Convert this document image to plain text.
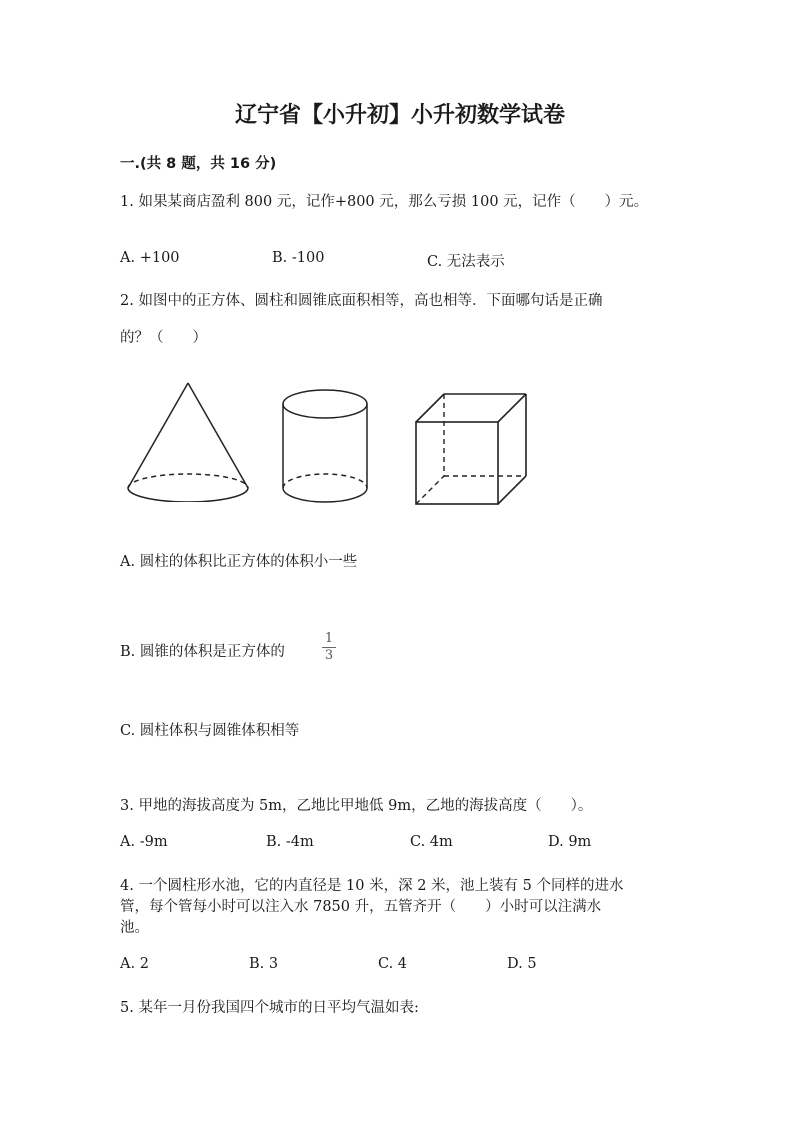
辽宁省【小升初】小升初数学试卷
一.(共 8 题，共 16 分)
1. 如果某商店盈利 800 元，记作+800 元，那么亏损 100 元，记作（　　）元。
A. +100	B. -100	C. 无法表示
2. 如图中的正方体、圆柱和圆锥底面积相等，高也相等．下面哪句话是正确
的？（　　）
A. 圆柱的体积比正方体的体积小一些
B. 圆锥的体积是正方体的
1
3
C. 圆柱体积与圆锥体积相等
3. 甲地的海拔高度为 5m，乙地比甲地低 9m，乙地的海拔高度（　　）。
A. -9m	B. -4m	C. 4m	D. 9m
4. 一个圆柱形水池，它的内直径是 10 米，深 2 米，池上装有 5 个同样的进水
管，每个管每小时可以注入水 7850 升，五管齐开（　　）小时可以注满水
池。
A. 2	B. 3	C. 4	D. 5
5. 某年一月份我国四个城市的日平均气温如表:
